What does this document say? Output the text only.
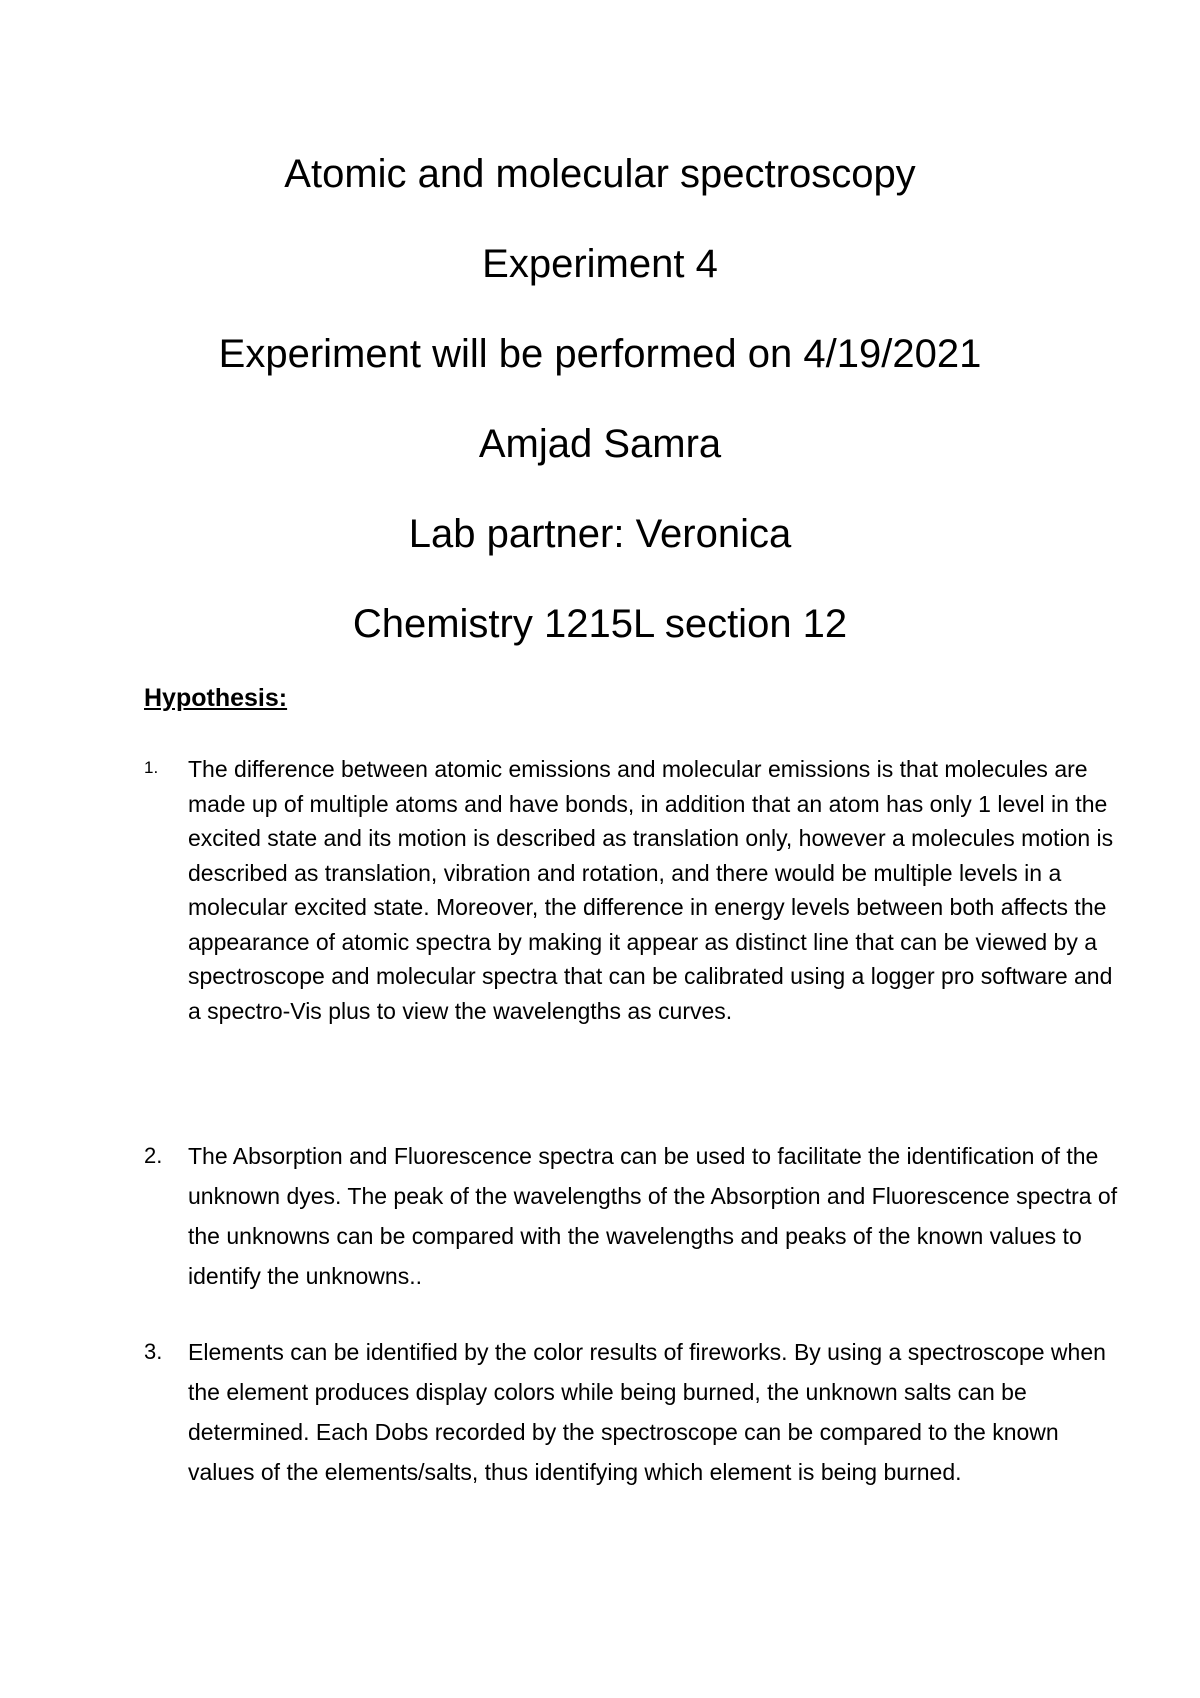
Atomic and molecular spectroscopy
Experiment 4
Experiment will be performed on 4/19/2021
Amjad Samra
Lab partner: Veronica
Chemistry 1215L section 12
Hypothesis:
1. The difference between atomic emissions and molecular emissions is that molecules are made up of multiple atoms and have bonds, in addition that an atom has only 1 level in the excited state and its motion is described as translation only, however a molecules motion is described as translation, vibration and rotation, and there would be multiple levels in a molecular excited state. Moreover, the difference in energy levels between both affects the appearance of atomic spectra by making it appear as distinct line that can be viewed by a spectroscope and molecular spectra that can be calibrated using a logger pro software and a spectro-Vis plus to view the wavelengths as curves.
2. The Absorption and Fluorescence spectra can be used to facilitate the identification of the unknown dyes. The peak of the wavelengths of the Absorption and Fluorescence spectra of the unknowns can be compared with the wavelengths and peaks of the known values to identify the unknowns..
3. Elements can be identified by the color results of fireworks. By using a spectroscope when the element produces display colors while being burned, the unknown salts can be determined. Each Dobs recorded by the spectroscope can be compared to the known values of the elements/salts, thus identifying which element is being burned.
